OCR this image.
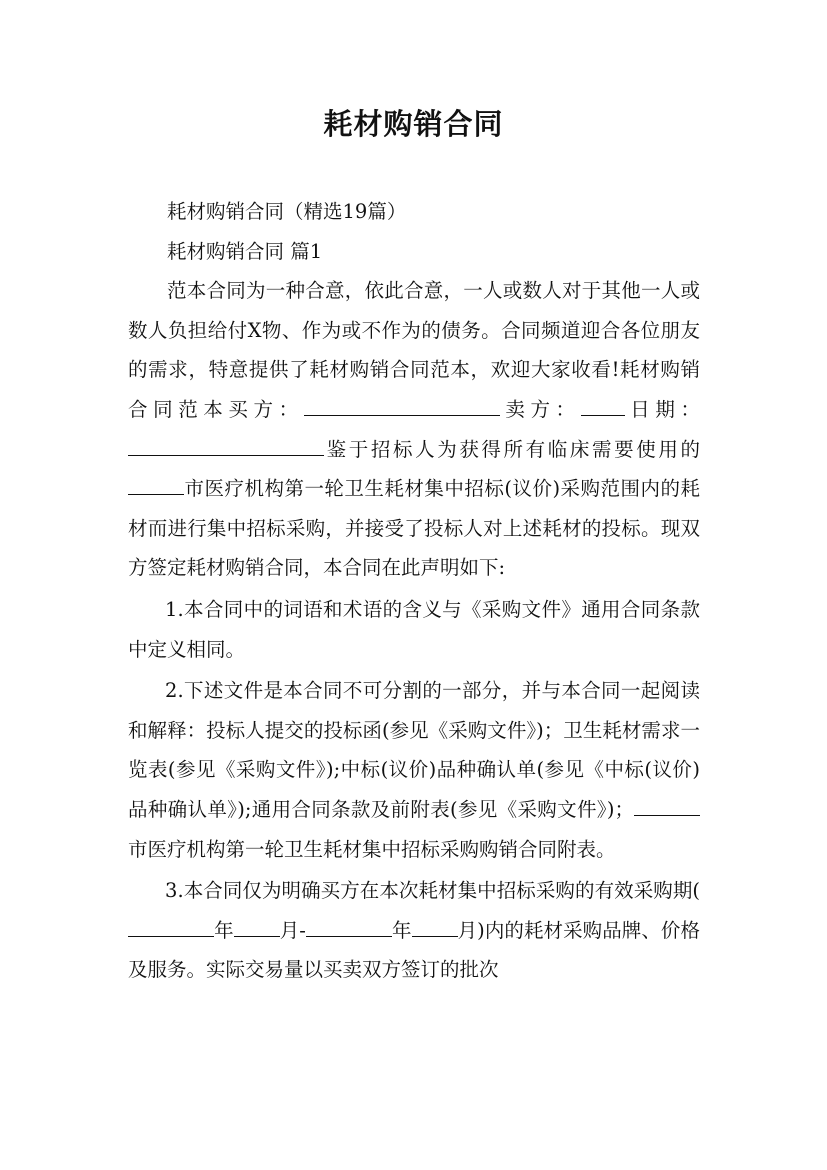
耗材购销合同

耗材购销合同（精选19篇）

耗材购销合同 篇1

范本合同为一种合意，依此合意，一人或数人对于其他一人或数人负担给付X物、作为或不作为的债务。合同频道迎合各位朋友的需求，特意提供了耗材购销合同范本，欢迎大家收看!耗材购销合同范本买方：	卖方： 日期：鉴于招标人为获得所有临床需要使用的市医疗机构第一轮卫生耗材集中招标(议价)采购范围内的耗材而进行集中招标采购，并接受了投标人对上述耗材的投标。现双方签定耗材购销合同，本合同在此声明如下:

1.本合同中的词语和术语的含义与《采购文件》通用合同条款中定义相同。

2.下述文件是本合同不可分割的一部分，并与本合同一起阅读和解释：投标人提交的投标函(参见《采购文件》)；卫生耗材需求一览表(参见《采购文件》);中标(议价)品种确认单(参见《中标(议价)品种确认单》);通用合同条款及前附表(参见《采购文件》)；市医疗机构第一轮卫生耗材集中招标采购购销合同附表。

3.本合同仅为明确买方在本次耗材集中招标采购的有效采购期(年 月-	年 月)内的耗材采购品牌、价格及服务。实际交易量以买卖双方签订的批次
